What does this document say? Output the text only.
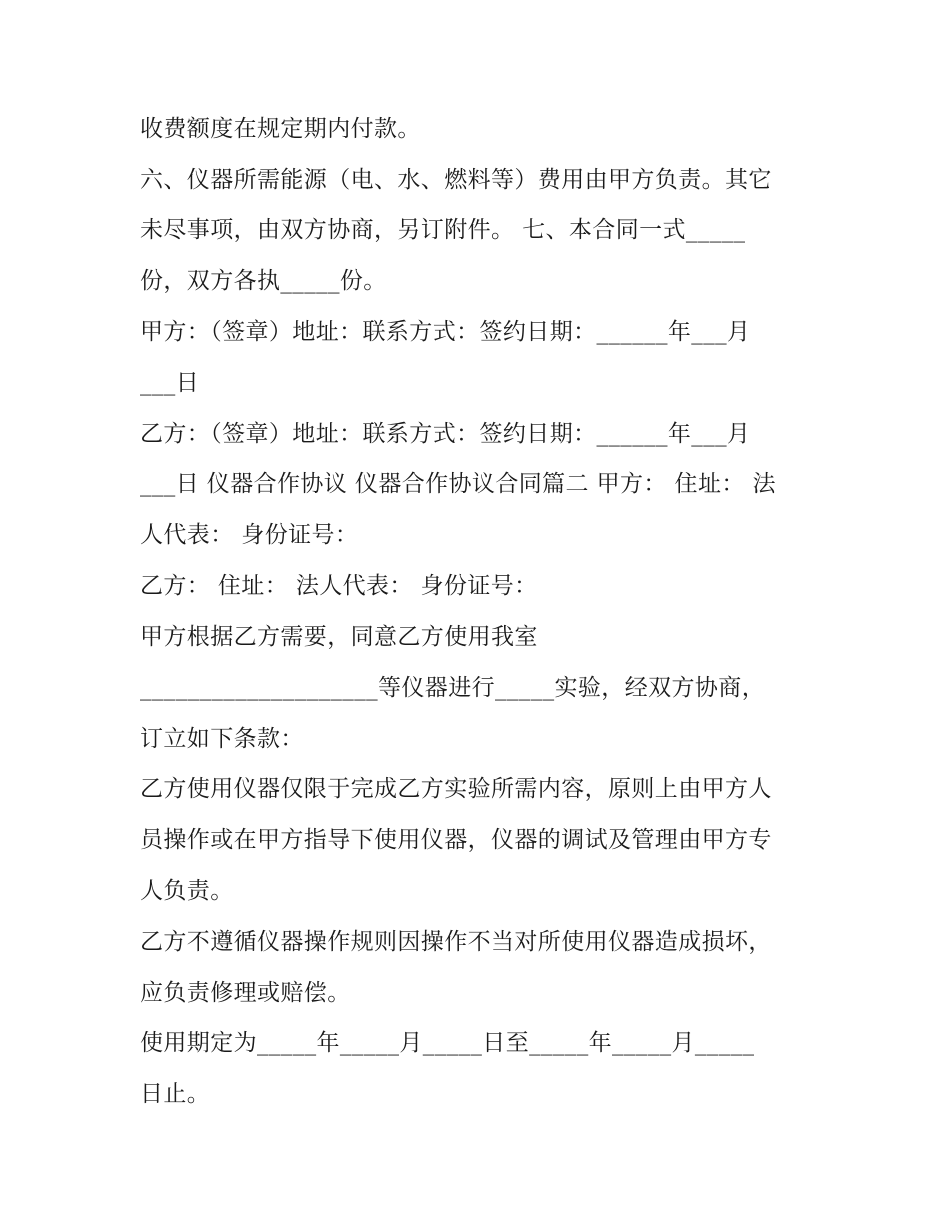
收费额度在规定期内付款。
六、仪器所需能源（电、水、燃料等）费用由甲方负责。其它
未尽事项，由双方协商，另订附件。 七、本合同一式_____
份，双方各执_____份。
甲方：（签章）地址：联系方式：签约日期：______年___月
___日
乙方：（签章）地址：联系方式：签约日期：______年___月
___日 仪器合作协议 仪器合作协议合同篇二 甲方： 住址： 法
人代表： 身份证号：
乙方： 住址： 法人代表： 身份证号：
甲方根据乙方需要，同意乙方使用我室
____________________等仪器进行_____实验，经双方协商，
订立如下条款：
乙方使用仪器仅限于完成乙方实验所需内容，原则上由甲方人
员操作或在甲方指导下使用仪器，仪器的调试及管理由甲方专
人负责。
乙方不遵循仪器操作规则因操作不当对所使用仪器造成损坏，
应负责修理或赔偿。
使用期定为_____年_____月_____日至_____年_____月_____
日止。
